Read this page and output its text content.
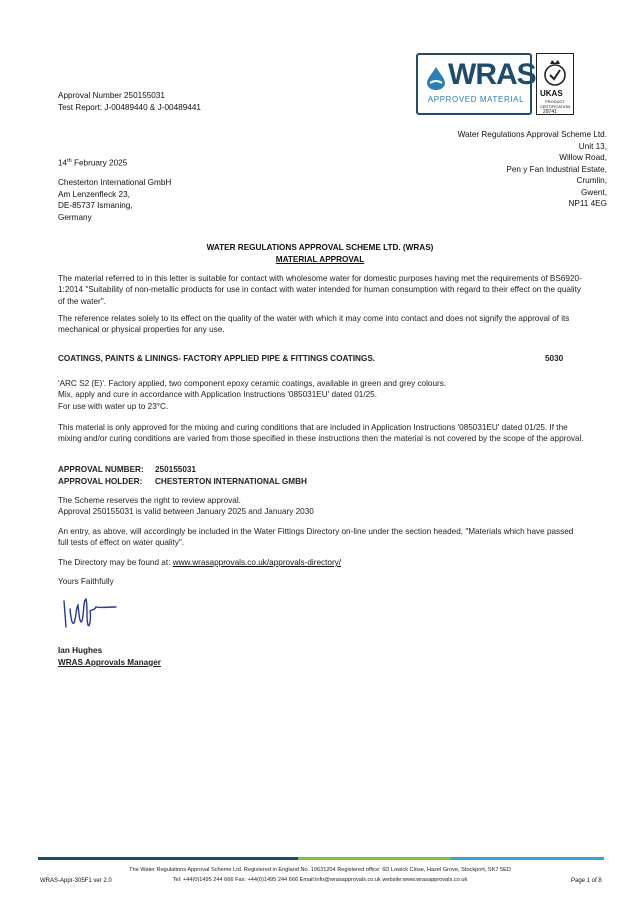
Approval Number 250155031
Test Report: J-00489440 & J-00489441
WRAS
APPROVED MATERIAL
UKAS
PRODUCT CERTIFICATION
29741
Water Regulations Approval Scheme Ltd.
Unit 13,
Willow Road,
Pen y Fan Industrial Estate,
Crumlin,
Gwent,
NP11 4EG
14th February 2025
Chesterton International GmbH
Am Lenzenfleck 23,
DE-85737 Ismaning,
Germany
WATER REGULATIONS APPROVAL SCHEME LTD. (WRAS)
MATERIAL APPROVAL
The material referred to in this letter is suitable for contact with wholesome water for domestic purposes having met the requirements of BS6920-1:2014 "Suitability of non-metallic products for use in contact with water intended for human consumption with regard to their effect on the quality of the water".
The reference relates solely to its effect on the quality of the water with which it may come into contact and does not signify the approval of its mechanical or physical properties for any use.
COATINGS, PAINTS & LININGS- FACTORY APPLIED PIPE & FITTINGS COATINGS.	5030
'ARC S2 (E)'. Factory applied, two component epoxy ceramic coatings, available in green and grey colours.
Mix, apply and cure in accordance with Application Instructions '085031EU' dated 01/25.
For use with water up to 23°C.
This material is only approved for the mixing and curing conditions that are included in Application Instructions '085031EU' dated 01/25. If the mixing and/or curing conditions are varied from those specified in these instructions then the material is not covered by the scope of the approval.
APPROVAL NUMBER: 250155031
APPROVAL HOLDER: CHESTERTON INTERNATIONAL GMBH
The Scheme reserves the right to review approval.
Approval 250155031 is valid between January 2025 and January 2030
An entry, as above, will accordingly be included in the Water Fittings Directory on-line under the section headed, "Materials which have passed full tests of effect on water quality".
The Directory may be found at: www.wrasapprovals.co.uk/approvals-directory/
Yours Faithfully
Ian Hughes
WRAS Approvals Manager
The Water Regulations Approval Scheme Ltd. Registered in England No. 10631204 Registered office: 6D Lowick Close, Hazel Grove, Stockport, SK7 5ED
Tel: +44(0)1495 244 666 Fax: +44(0)1495 244 666 Email:info@wrasapprovals.co.uk website:www.wrasapprovals.co.uk
WRAS-Appr-305F1 ver 2.0	Page 1 of 8
